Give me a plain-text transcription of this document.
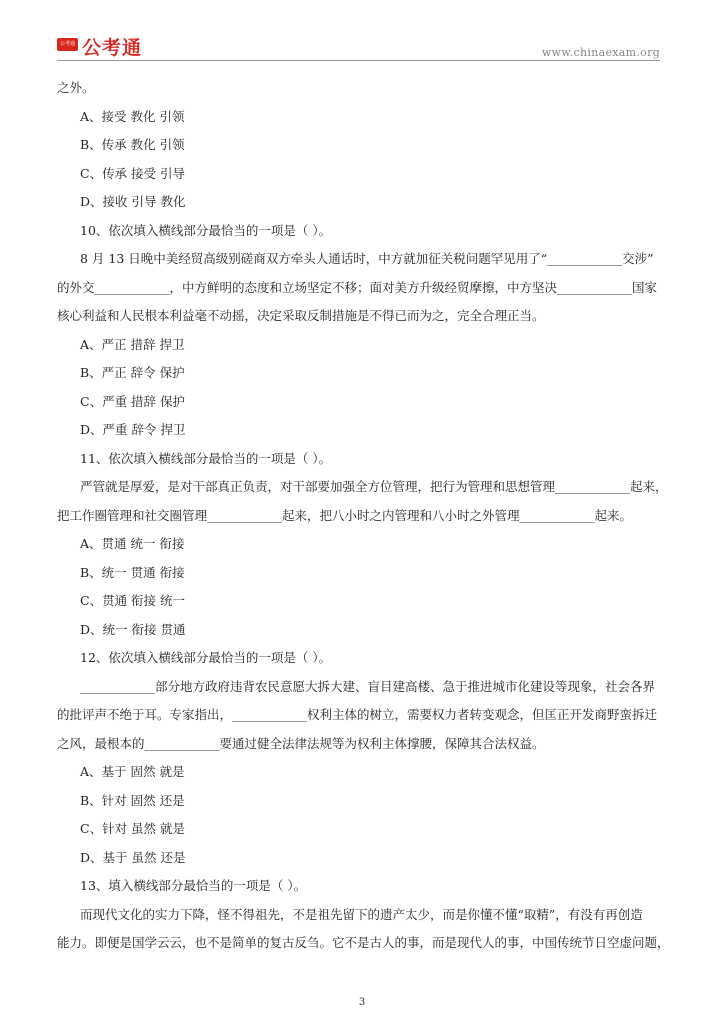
公考通 公考通	www.chinaexam.org
之外。
A、接受 教化 引领
B、传承 教化 引领
C、传承 接受 引导
D、接收 引导 教化
10、依次填入横线部分最恰当的一项是（ ）。
8 月 13 日晚中美经贸高级别磋商双方牵头人通话时，中方就加征关税问题罕见用了“____________交涉”
的外交____________，中方鲜明的态度和立场坚定不移；面对美方升级经贸摩擦，中方坚决____________国家
核心利益和人民根本利益毫不动摇，决定采取反制措施是不得已而为之，完全合理正当。
A、严正 措辞 捍卫
B、严正 辞令 保护
C、严重 措辞 保护
D、严重 辞令 捍卫
11、依次填入横线部分最恰当的一项是（ ）。
严管就是厚爱，是对干部真正负责，对干部要加强全方位管理，把行为管理和思想管理____________起来，
把工作圈管理和社交圈管理____________起来，把八小时之内管理和八小时之外管理____________起来。
A、贯通 统一 衔接
B、统一 贯通 衔接
C、贯通 衔接 统一
D、统一 衔接 贯通
12、依次填入横线部分最恰当的一项是（ ）。
____________部分地方政府违背农民意愿大拆大建、盲目建高楼、急于推进城市化建设等现象，社会各界
的批评声不绝于耳。专家指出，____________权利主体的树立，需要权力者转变观念，但匡正开发商野蛮拆迁
之风，最根本的____________要通过健全法律法规等为权利主体撑腰，保障其合法权益。
A、基于 固然 就是
B、针对 固然 还是
C、针对 虽然 就是
D、基于 虽然 还是
13、填入横线部分最恰当的一项是（ ）。
而现代文化的实力下降，怪不得祖先，不是祖先留下的遗产太少，而是你懂不懂“取精”，有没有再创造
能力。即便是国学云云，也不是简单的复古反刍。它不是古人的事，而是现代人的事，中国传统节日空虚问题，
3
